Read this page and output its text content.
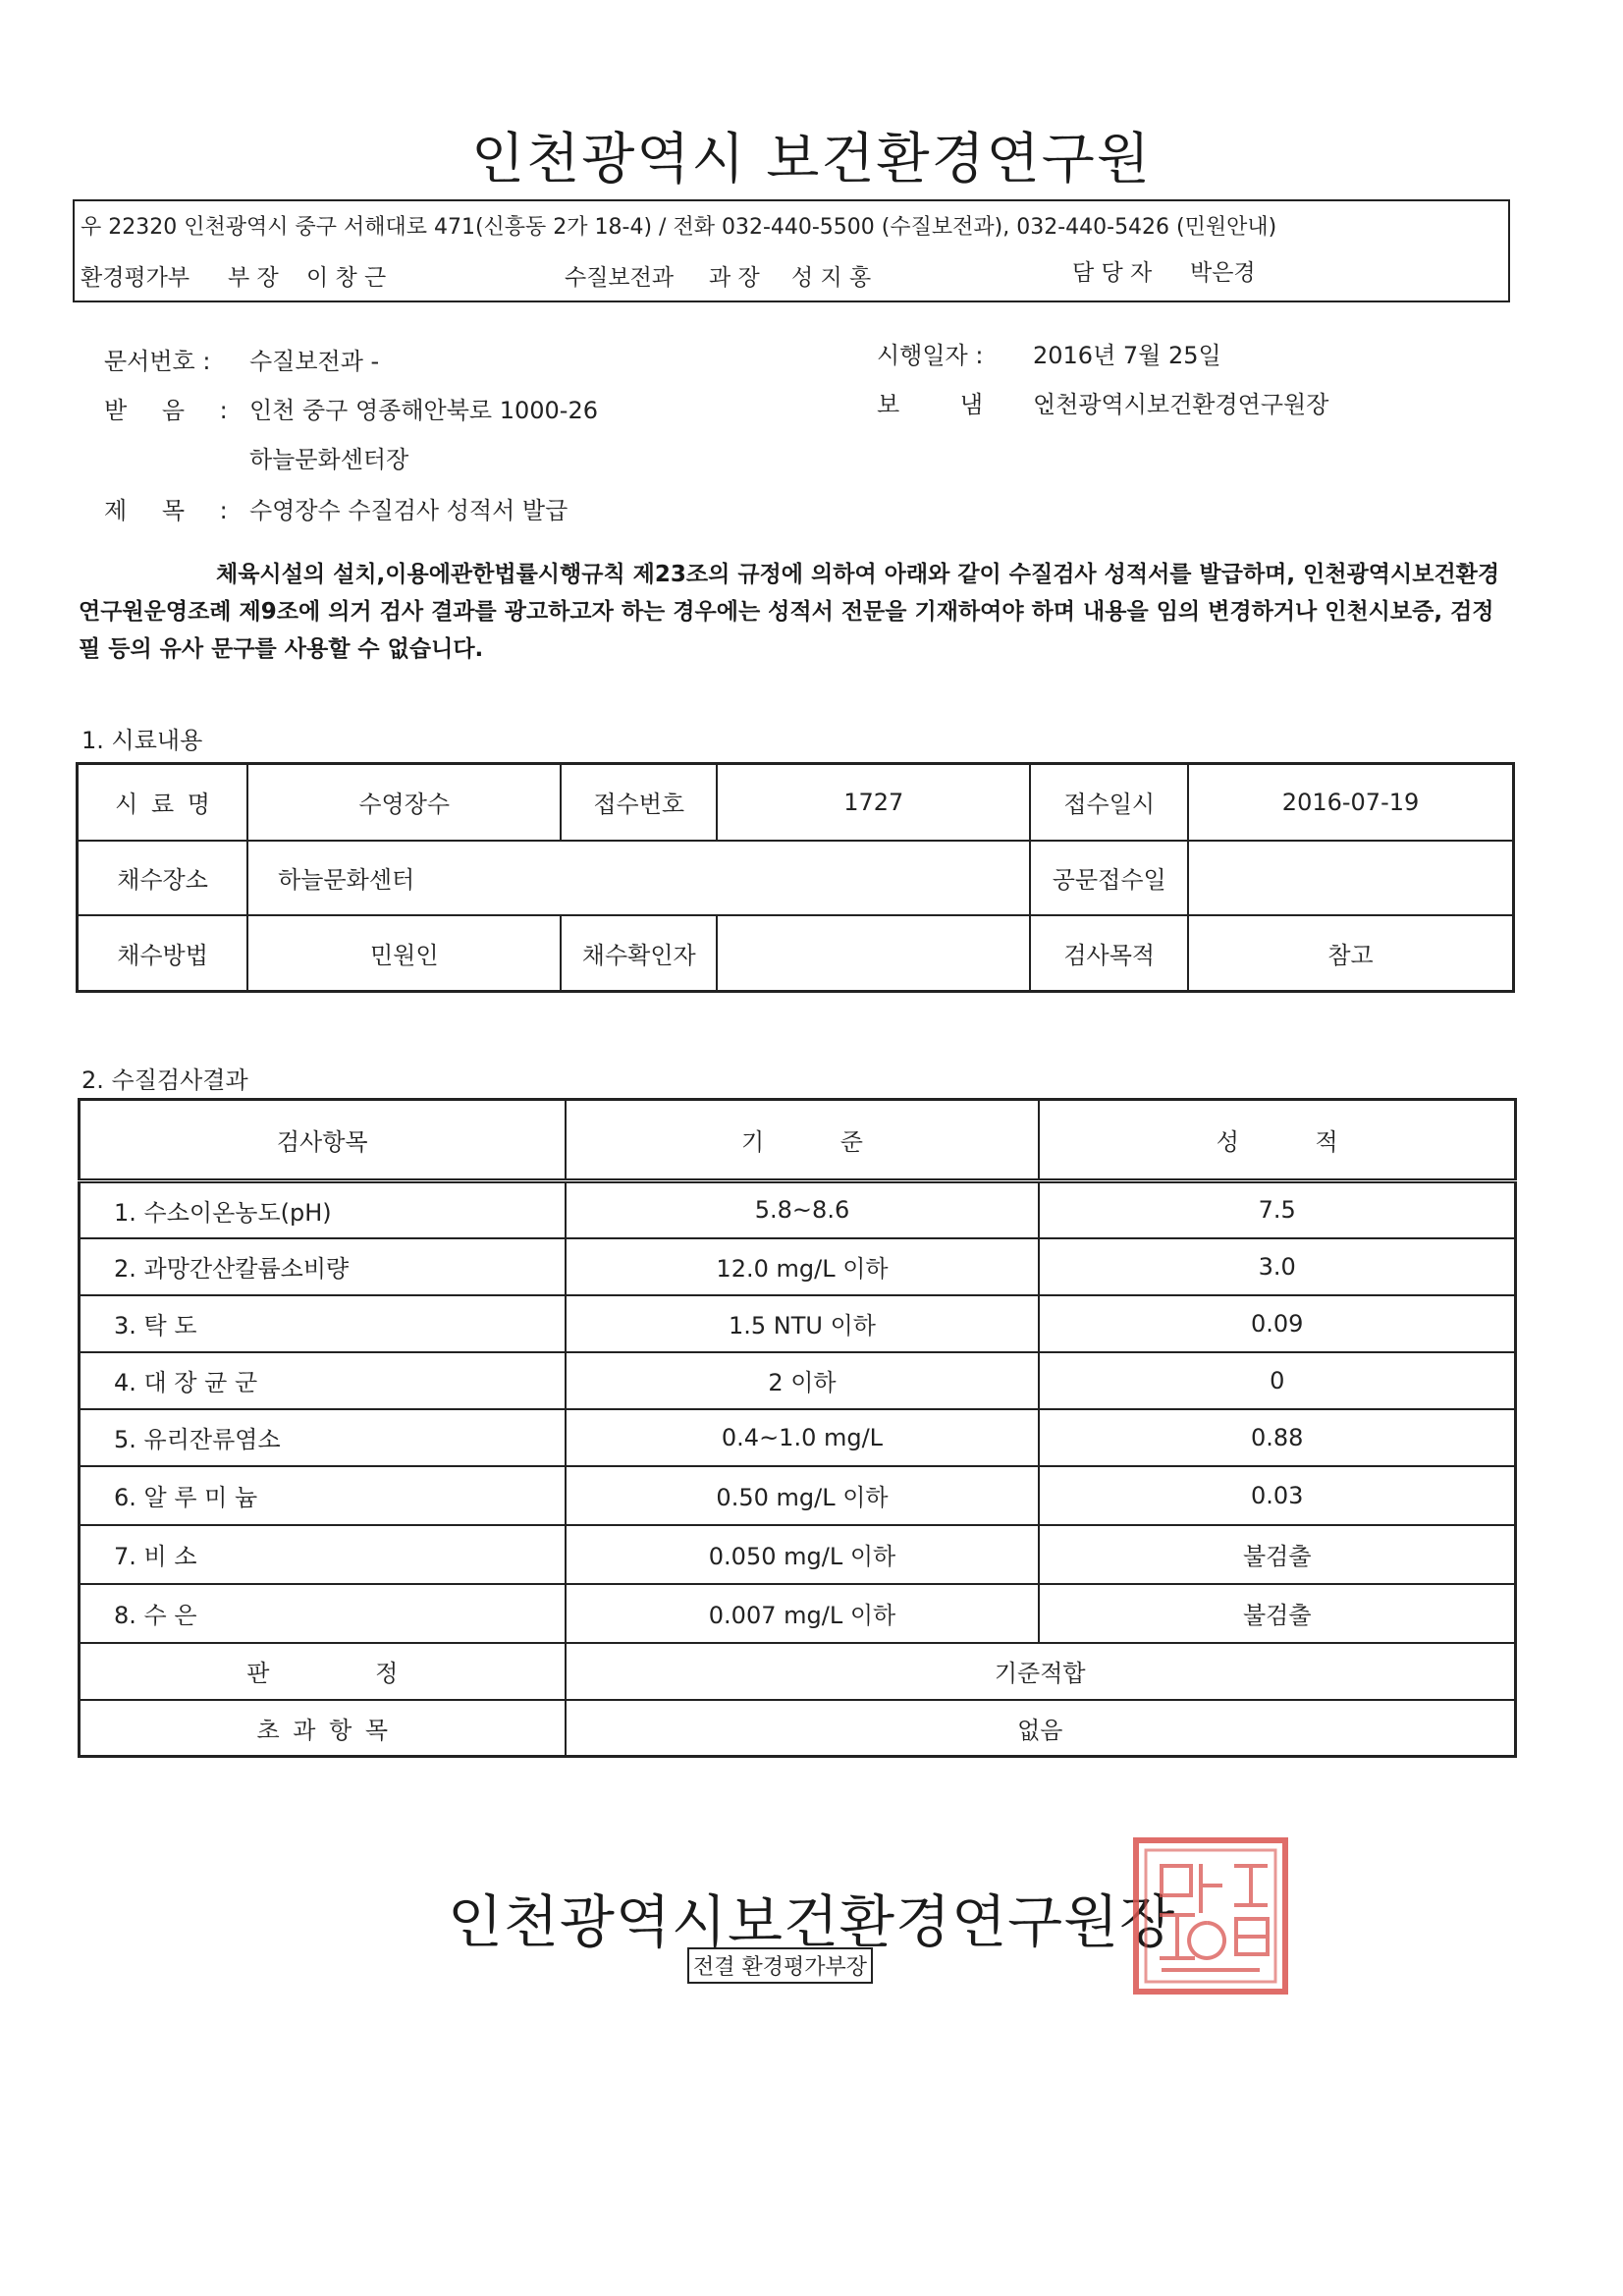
인천광역시 보건환경연구원
우 22320 인천광역시 중구 서해대로 471(신흥동 2가 18-4) / 전화 032-440-5500 (수질보전과), 032-440-5426 (민원안내)
환경평가부 부 장 이 창 근	수질보전과 과 장 성 지 홍	담 당 자 박은경
문서번호 : 수질보전과 -	시행일자 : 2016년 7월 25일
받 음 : 인천 중구 영종해안북로 1000-26
하늘문화센터장
보 냄 :
인천광역시보건환경연구원장
제 목 : 수영장수 수질검사 성적서 발급
체육시설의 설치,이용에관한법률시행규칙 제23조의 규정에 의하여 아래와 같이 수질검사 성적서를 발급하며, 인천광역시보건환경연구원운영조례 제9조에 의거 검사 결과를 광고하고자 하는 경우에는 성적서 전문을 기재하여야 하며 내용을 임의 변경하거나 인천시보증, 검정필 등의 유사 문구를 사용할 수 없습니다.
1. 시료내용
시 료 명	수영장수	접수번호	1727	접수일시	2016-07-19
채수장소	하늘문화센터			공문접수일	
채수방법	민원인	채수확인자		검사목적	참고
2. 수질검사결과
검사항목	기 준	성 적
1. 수소이온농도(pH)	5.8~8.6	7.5
2. 과망간산칼륨소비량	12.0 mg/L 이하	3.0
3. 탁 도	1.5 NTU 이하	0.09
4. 대 장 균 군	2 이하	0
5. 유리잔류염소	0.4~1.0 mg/L	0.88
6. 알 루 미 늄	0.50 mg/L 이하	0.03
7. 비 소	0.050 mg/L 이하	불검출
8. 수 은	0.007 mg/L 이하	불검출
판 정	기준적합	
초 과 항 목	없음	
인천광역시보건환경연구원장
전결 환경평가부장
